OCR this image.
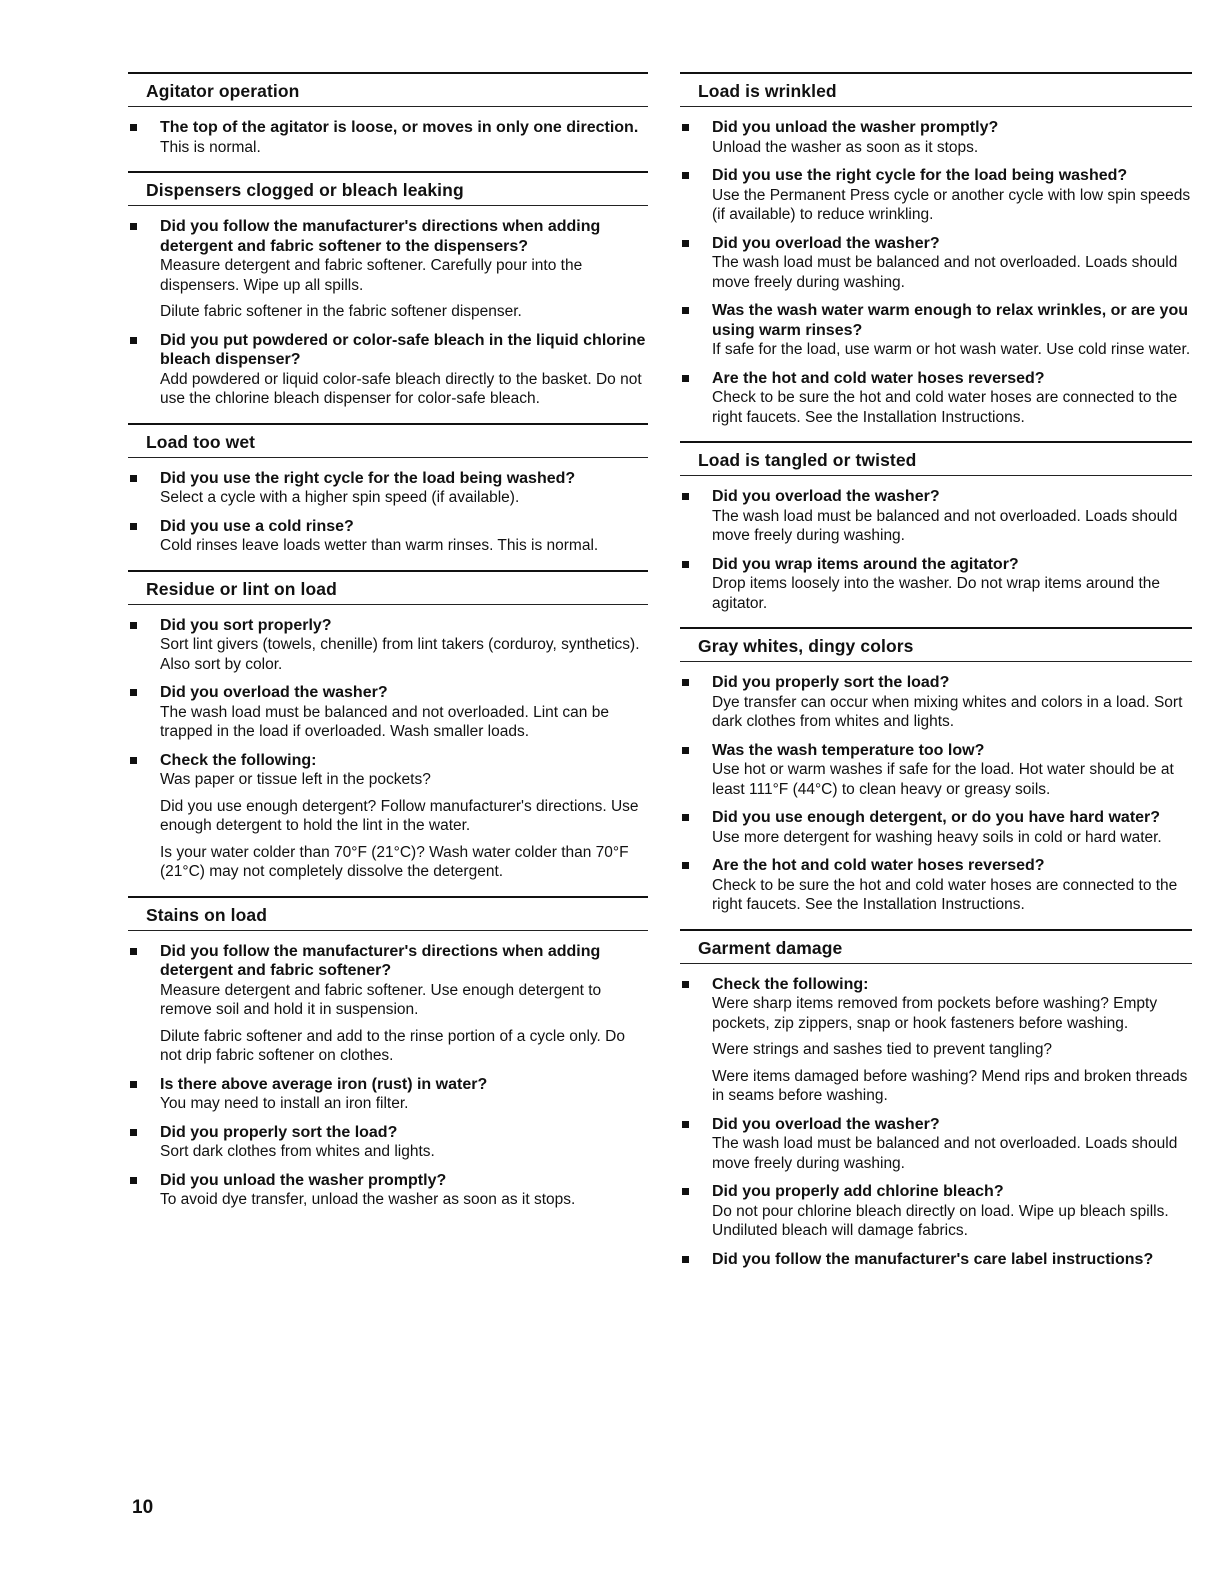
Agitator operation
The top of the agitator is loose, or moves in only one direction.

This is normal.

Dispensers clogged or bleach leaking
Did you follow the manufacturer's directions when adding detergent and fabric softener to the dispensers?

Measure detergent and fabric softener. Carefully pour into the dispensers. Wipe up all spills.

Dilute fabric softener in the fabric softener dispenser.

Did you put powdered or color-safe bleach in the liquid chlorine bleach dispenser?

Add powdered or liquid color-safe bleach directly to the basket. Do not use the chlorine bleach dispenser for color-safe bleach.

Load too wet
Did you use the right cycle for the load being washed?

Select a cycle with a higher spin speed (if available).

Did you use a cold rinse?

Cold rinses leave loads wetter than warm rinses. This is normal.

Residue or lint on load
Did you sort properly?

Sort lint givers (towels, chenille) from lint takers (corduroy, synthetics). Also sort by color.

Did you overload the washer?

The wash load must be balanced and not overloaded. Lint can be trapped in the load if overloaded. Wash smaller loads.

Check the following:

Was paper or tissue left in the pockets?

Did you use enough detergent? Follow manufacturer's directions. Use enough detergent to hold the lint in the water.

Is your water colder than 70°F (21°C)? Wash water colder than 70°F (21°C) may not completely dissolve the detergent.

Stains on load
Did you follow the manufacturer's directions when adding detergent and fabric softener?

Measure detergent and fabric softener. Use enough detergent to remove soil and hold it in suspension.

Dilute fabric softener and add to the rinse portion of a cycle only. Do not drip fabric softener on clothes.

Is there above average iron (rust) in water?

You may need to install an iron filter.

Did you properly sort the load?

Sort dark clothes from whites and lights.

Did you unload the washer promptly?

To avoid dye transfer, unload the washer as soon as it stops.

Load is wrinkled
Did you unload the washer promptly?

Unload the washer as soon as it stops.

Did you use the right cycle for the load being washed?

Use the Permanent Press cycle or another cycle with low spin speeds (if available) to reduce wrinkling.

Did you overload the washer?

The wash load must be balanced and not overloaded. Loads should move freely during washing.

Was the wash water warm enough to relax wrinkles, or are you using warm rinses?

If safe for the load, use warm or hot wash water. Use cold rinse water.

Are the hot and cold water hoses reversed?

Check to be sure the hot and cold water hoses are connected to the right faucets. See the Installation Instructions.

Load is tangled or twisted
Did you overload the washer?

The wash load must be balanced and not overloaded. Loads should move freely during washing.

Did you wrap items around the agitator?

Drop items loosely into the washer. Do not wrap items around the agitator.

Gray whites, dingy colors
Did you properly sort the load?

Dye transfer can occur when mixing whites and colors in a load. Sort dark clothes from whites and lights.

Was the wash temperature too low?

Use hot or warm washes if safe for the load. Hot water should be at least 111°F (44°C) to clean heavy or greasy soils.

Did you use enough detergent, or do you have hard water?

Use more detergent for washing heavy soils in cold or hard water.

Are the hot and cold water hoses reversed?

Check to be sure the hot and cold water hoses are connected to the right faucets. See the Installation Instructions.

Garment damage
Check the following:

Were sharp items removed from pockets before washing? Empty pockets, zip zippers, snap or hook fasteners before washing.

Were strings and sashes tied to prevent tangling?

Were items damaged before washing? Mend rips and broken threads in seams before washing.

Did you overload the washer?

The wash load must be balanced and not overloaded. Loads should move freely during washing.

Did you properly add chlorine bleach?

Do not pour chlorine bleach directly on load. Wipe up bleach spills. Undiluted bleach will damage fabrics.

Did you follow the manufacturer's care label instructions?
10
